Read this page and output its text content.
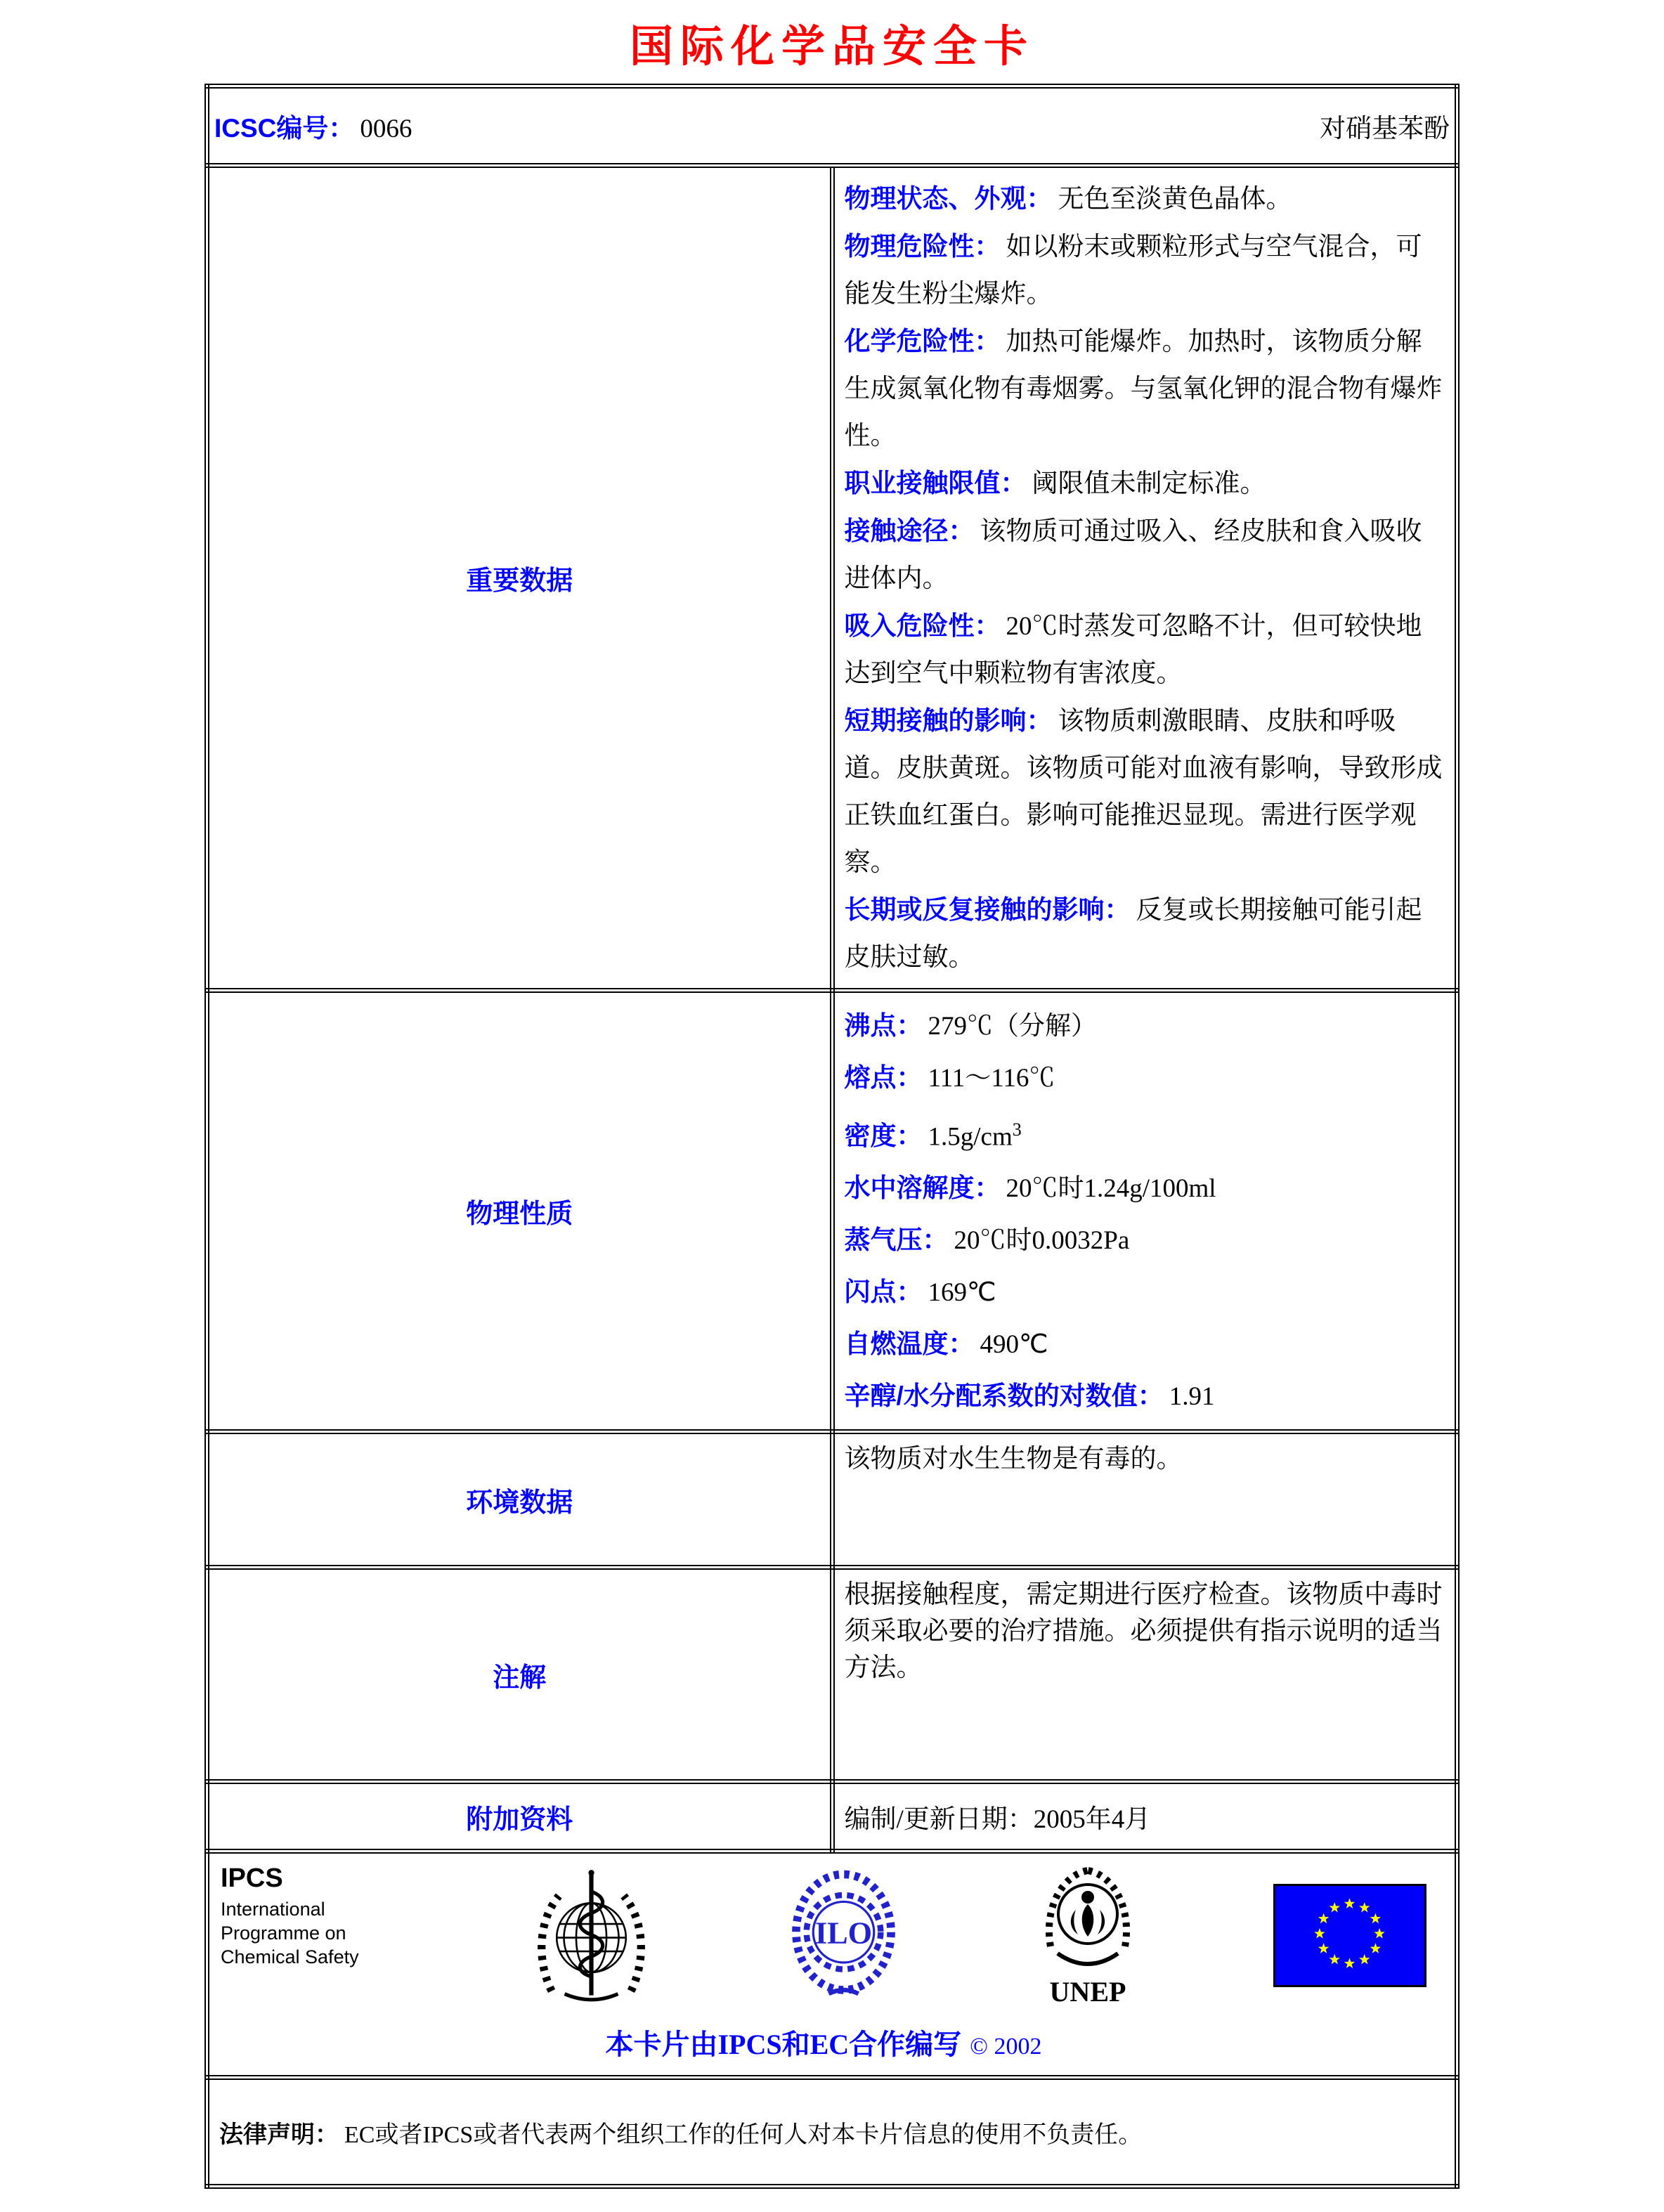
国际化学品安全卡
ICSC编号： 0066 对硝基苯酚	

重要数据	
物理状态、外观： 无色至淡黄色晶体。
物理危险性： 如以粉末或颗粒形式与空气混合，可能发生粉尘爆炸。
化学危险性： 加热可能爆炸。加热时，该物质分解生成氮氧化物有毒烟雾。与氢氧化钾的混合物有爆炸性。
职业接触限值： 阈限值未制定标准。
接触途径： 该物质可通过吸入、经皮肤和食入吸收进体内。
吸入危险性： 20℃时蒸发可忽略不计，但可较快地达到空气中颗粒物有害浓度。
短期接触的影响： 该物质刺激眼睛、皮肤和呼吸道。皮肤黄斑。该物质可能对血液有影响，导致形成正铁血红蛋白。影响可能推迟显现。需进行医学观察。
长期或反复接触的影响： 反复或长期接触可能引起皮肤过敏。

物理性质	
沸点： 279℃（分解）
熔点： 111～116℃
密度： $1.5g/cm^3$
水中溶解度： 20℃时1.24g/100ml
蒸气压： 20℃时0.0032Pa
闪点： 169℃
自燃温度： 490℃
辛醇/水分配系数的对数值： 1.91

环境数据	该物质对水生生物是有毒的。
注解	根据接触程度，需定期进行医疗检查。该物质中毒时须采取必要的治疗措施。必须提供有指示说明的适当方法。
附加资料	编制/更新日期：2005年4月

IPCS
International Programme on Chemical Safety
ILO
UNEP
本卡片由IPCS和EC合作编写 © 2002	

法律声明： EC或者IPCS或者代表两个组织工作的任何人对本卡片信息的使用不负责任。	
